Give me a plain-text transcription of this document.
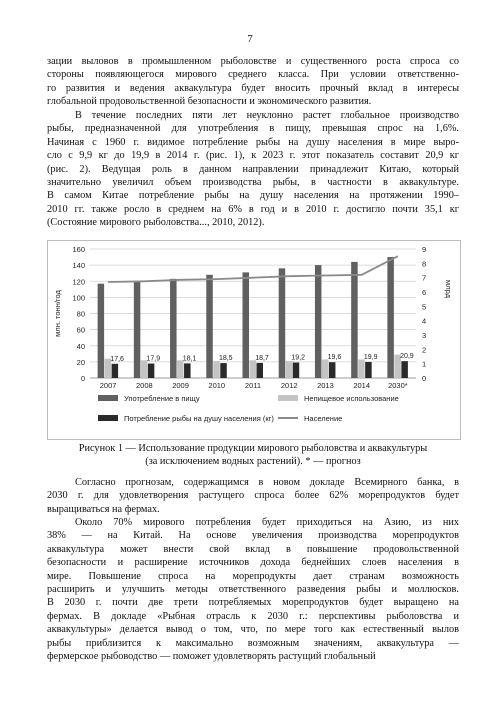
7
зации выловов в промышленном рыболовстве и существенного роста спроса со
стороны появляющегося мирового среднего класса. При условии ответственно-
го развития и ведения аквакультура будет вносить прочный вклад в интересы
глобальной продовольственной безопасности и экономического развития.
В течение последних пяти лет неуклонно растет глобальное производство
рыбы, предназначенной для употребления в пищу, превышая спрос на 1,6%.
Начиная с 1960 г. видимое потребление рыбы на душу населения в мире выро-
сло с 9,9 кг до 19,9 в 2014 г. (рис. 1), к 2023 г. этот показатель составит 20,9 кг
(рис. 2). Ведущая роль в данном направлении принадлежит Китаю, который
значительно увеличил объем производства рыбы, в частности в аквакультуре.
В самом Китае потребление рыбы на душу населения на протяжении 1990–
2010 гг. также росло в среднем на 6% в год и в 2010 г. достигло почти 35,1 кг
(Состояние мирового рыболовства..., 2010, 2012).
0
20
40
60
80
100
120
140
160
0
1
2
3
4
5
6
7
8
9
млн. тонн/год
млрд
2007
17,6
2008
17,9
2009
18,1
2010
18,5
2011
18,7
2012
19,2
2013
19,6
2014
19,9
2030*
20,9
Употребление в пищу	Непищевое использование
Потребление рыбы на душу населения (кг)	Население
Рисунок 1 — Использование продукции мирового рыболовства и аквакультуры
(за исключением водных растений). * — прогноз
Согласно прогнозам, содержащимся в новом докладе Всемирного банка, в
2030 г. для удовлетворения растущего спроса более 62% морепродуктов будет
выращиваться на фермах.
Около 70% мирового потребления будет приходиться на Азию, из них
38% — на Китай. На основе увеличения производства морепродуктов
аквакультура может внести свой вклад в повышение продовольственной
безопасности и расширение источников дохода беднейших слоев населения в
мире. Повышение спроса на морепродукты дает странам возможность
расширить и улучшить методы ответственного разведения рыбы и моллюсков.
В 2030 г. почти две трети потребляемых морепродуктов будет выращено на
фермах. В докладе «Рыбная отрасль к 2030 г.: перспективы рыболовства и
аквакультуры» делается вывод о том, что, по мере того как естественный вылов
рыбы приблизится к максимально возможным значениям, аквакультура —
фермерское рыбоводство — поможет удовлетворять растущий глобальный
